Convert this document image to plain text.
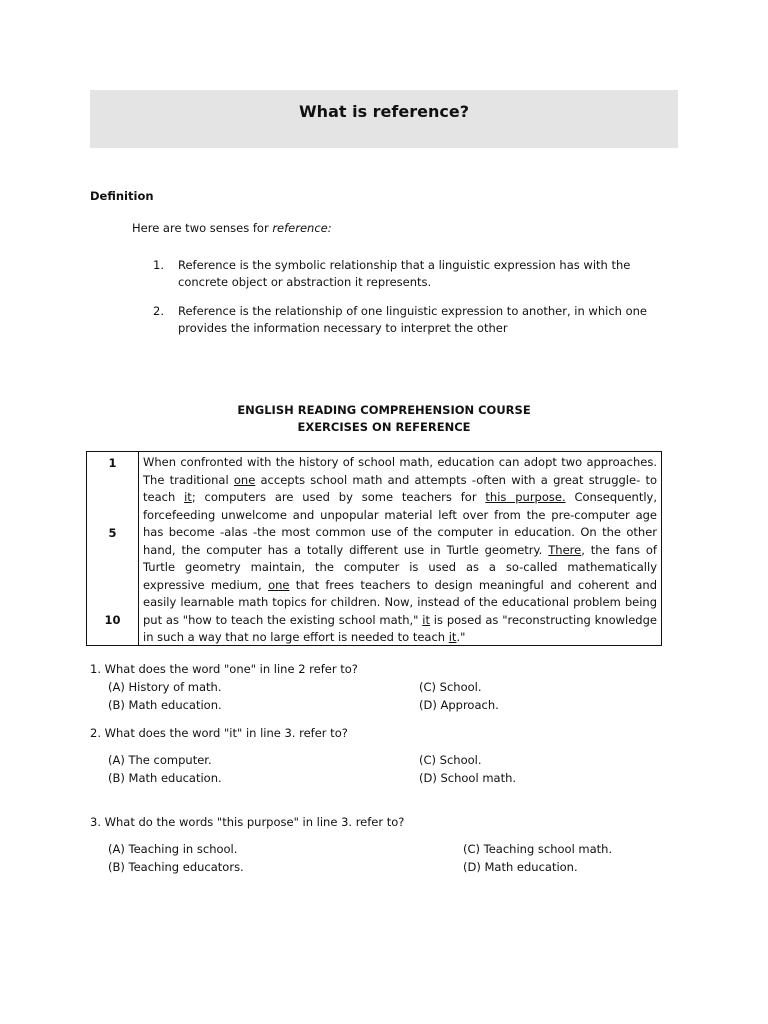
What is reference?
Definition
Here are two senses for reference:
1.	Reference is the symbolic relationship that a linguistic expression has with the concrete object or abstraction it represents.
2.	Reference is the relationship of one linguistic expression to another, in which one provides the information necessary to interpret the other
ENGLISH READING COMPREHENSION COURSE
EXERCISES ON REFERENCE
1
5
10
When confronted with the history of school math, education can adopt two approaches. The traditional one accepts school math and attempts -often with a great struggle- to teach it; computers are used by some teachers for this purpose. Consequently, forcefeeding unwelcome and unpopular material left over from the pre-computer age has become -alas -the most common use of the computer in education. On the other hand, the computer has a totally different use in Turtle geometry. There, the fans of Turtle geometry maintain, the computer is used as a so-called mathematically expressive medium, one that frees teachers to design meaningful and coherent and easily learnable math topics for children. Now, instead of the educational problem being put as "how to teach the existing school math," it is posed as "reconstructing knowledge in such a way that no large effort is needed to teach it."
1. What does the word "one" in line 2 refer to?
(A) History of math.
(B) Math education.
(C) School.
(D) Approach.
2. What does the word "it" in line 3. refer to?
(A) The computer.
(B) Math education.
(C) School.
(D) School math.
3. What do the words "this purpose" in line 3. refer to?
(A) Teaching in school.
(B) Teaching educators.
(C) Teaching school math.
(D) Math education.
